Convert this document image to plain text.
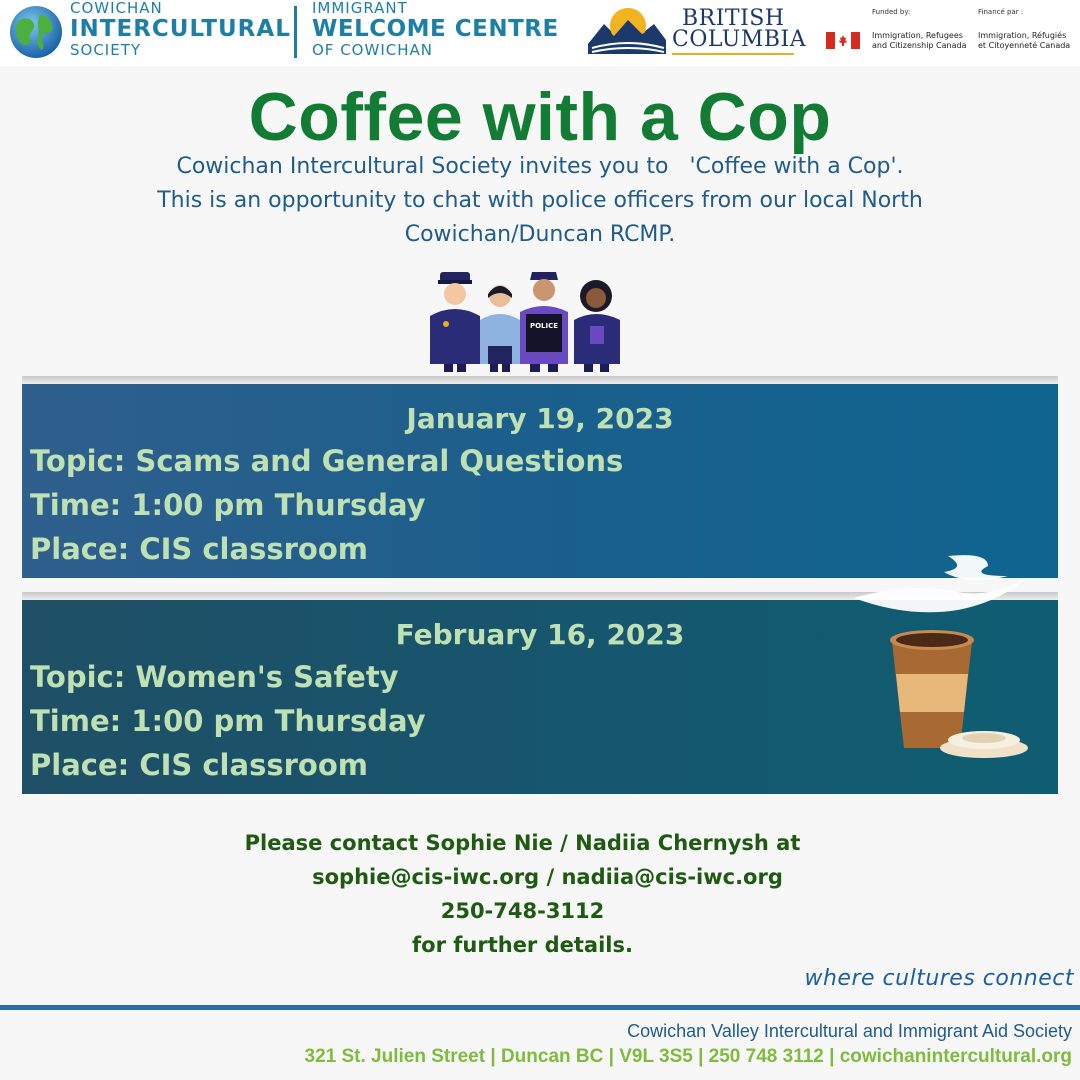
COWICHAN
INTERCULTURAL
SOCIETY
IMMIGRANT
WELCOME CENTRE
OF COWICHAN
BRITISH
COLUMBIA
Funded by:	Financé par :
Immigration, Refugees
and Citizenship Canada
Immigration, Réfugiés
et Citoyenneté Canada
Coffee with a Cop
Cowichan Intercultural Society invites you to   'Coffee with a Cop'.
This is an opportunity to chat with police officers from our local North
Cowichan/Duncan RCMP.
POLICE
January 19, 2023
Topic: Scams and General Questions
Time: 1:00 pm Thursday
Place: CIS classroom
February 16, 2023
Topic: Women's Safety
Time: 1:00 pm Thursday
Place: CIS classroom
Please contact Sophie Nie / Nadiia Chernysh at
sophie@cis-iwc.org / nadiia@cis-iwc.org
250-748-3112
for further details.
where cultures connect
Cowichan Valley Intercultural and Immigrant Aid Society
321 St. Julien Street | Duncan BC | V9L 3S5 | 250 748 3112 | cowichanintercultural.org
